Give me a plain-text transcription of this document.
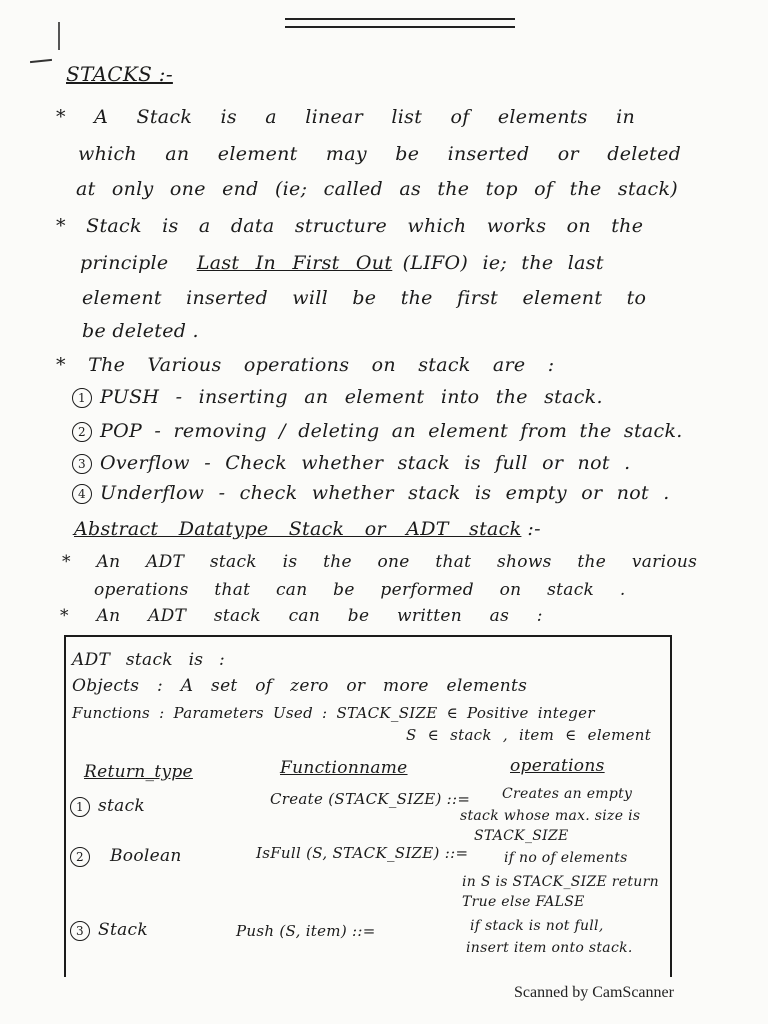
STACKS :-
* A Stack is a linear list of elements in
which an element may be inserted or deleted
at only one end (ie; called as the top of the stack)
* Stack is a data structure which works on the
principle Last In First Out (LIFO) ie; the last
element inserted will be the first element to
be deleted .
* The Various operations on stack are :
1 PUSH - inserting an element into the stack.
2 POP - removing / deleting an element from the stack.
3 Overflow - Check whether stack is full or not .
4 Underflow - check whether stack is empty or not .
Abstract Datatype Stack or ADT stack :-
* An ADT stack is the one that shows the various
operations that can be performed on stack .
* An ADT stack can be written as :
ADT stack is :
Objects : A set of zero or more elements
Functions : Parameters Used : STACK_SIZE ∈ Positive integer
S ∈ stack , item ∈ element
Return_type	Functionname	operations
1 stack	Create (STACK_SIZE) ::= Creates an empty
stack whose max. size is
STACK_SIZE
2 Boolean	IsFull (S, STACK_SIZE) ::=	if no of elements
in S is STACK_SIZE return
True else FALSE
3 Stack	Push (S, item) ::=	if stack is not full,
insert item onto stack.
Scanned by CamScanner
